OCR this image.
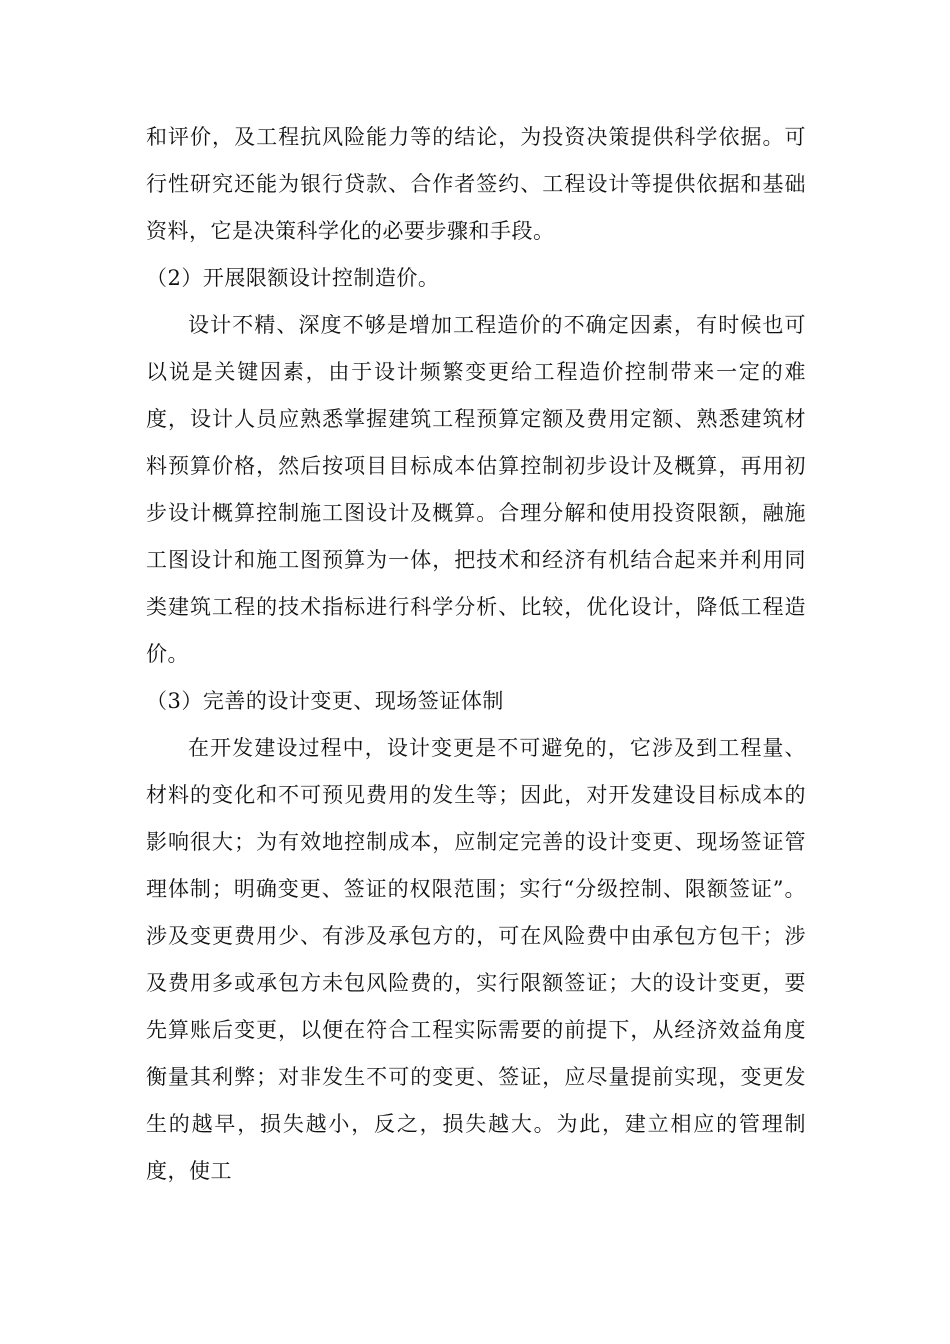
和评价，及工程抗风险能力等的结论，为投资决策提供科学依据。可行性研究还能为银行贷款、合作者签约、工程设计等提供依据和基础资料，它是决策科学化的必要步骤和手段。

（2）开展限额设计控制造价。

设计不精、深度不够是增加工程造价的不确定因素，有时候也可以说是关键因素，由于设计频繁变更给工程造价控制带来一定的难度，设计人员应熟悉掌握建筑工程预算定额及费用定额、熟悉建筑材料预算价格，然后按项目目标成本估算控制初步设计及概算，再用初步设计概算控制施工图设计及概算。合理分解和使用投资限额，融施工图设计和施工图预算为一体，把技术和经济有机结合起来并利用同类建筑工程的技术指标进行科学分析、比较，优化设计，降低工程造价。

（3）完善的设计变更、现场签证体制

在开发建设过程中，设计变更是不可避免的，它涉及到工程量、材料的变化和不可预见费用的发生等；因此，对开发建设目标成本的影响很大；为有效地控制成本，应制定完善的设计变更、现场签证管理体制；明确变更、签证的权限范围；实行“分级控制、限额签证”。涉及变更费用少、有涉及承包方的，可在风险费中由承包方包干；涉及费用多或承包方未包风险费的，实行限额签证；大的设计变更，要先算账后变更，以便在符合工程实际需要的前提下，从经济效益角度衡量其利弊；对非发生不可的变更、签证，应尽量提前实现，变更发生的越早，损失越小，反之，损失越大。为此，建立相应的管理制度，使工
